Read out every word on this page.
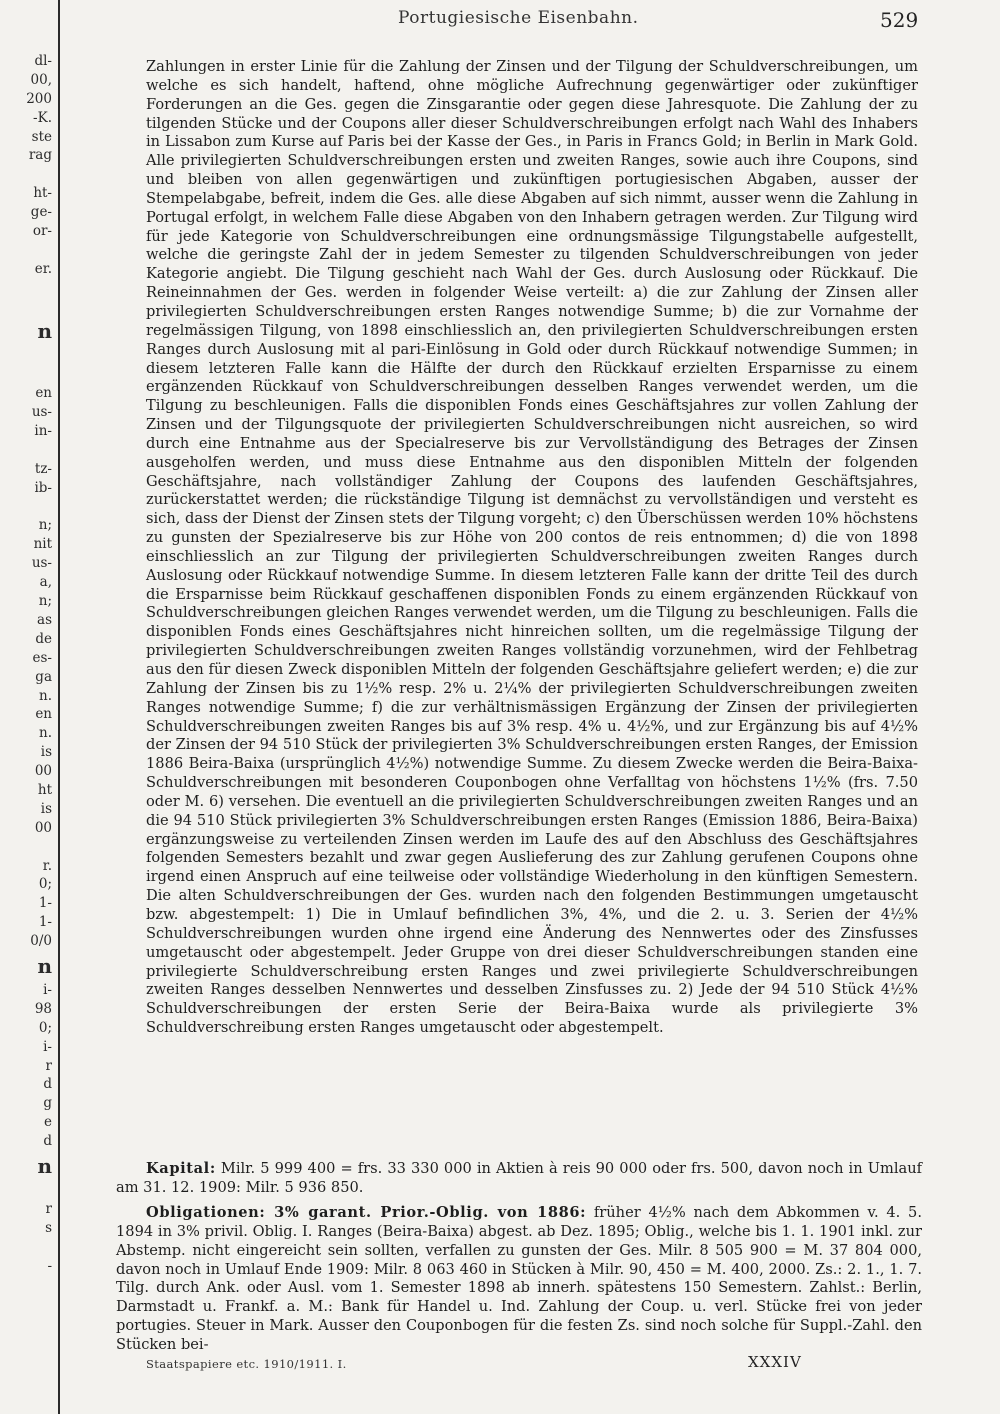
dl-
00,
200
-K.
ste
rag
ht-
ge-
or-
er.
n
en
us-
in-
tz-
ib-
n;
nit
us-
a,
n;
as
de
es-
ga
n.
en
n.
is
00
ht
is
00
r.
0;
1-
1-
0/0
n
i-
98
0;
i-
r
d
g
e
d
n
r
s
-
Portugiesische Eisenbahn.	529

Zahlungen in erster Linie für die Zahlung der Zinsen und der Tilgung der Schuldverschreibungen, um welche es sich handelt, haftend, ohne mögliche Aufrechnung gegenwärtiger oder zukünftiger Forderungen an die Ges. gegen die Zinsgarantie oder gegen diese Jahresquote. Die Zahlung der zu tilgenden Stücke und der Coupons aller dieser Schuldverschreibungen erfolgt nach Wahl des Inhabers in Lissabon zum Kurse auf Paris bei der Kasse der Ges., in Paris in Francs Gold; in Berlin in Mark Gold. Alle privilegierten Schuldverschreibungen ersten und zweiten Ranges, sowie auch ihre Coupons, sind und bleiben von allen gegenwärtigen und zukünftigen portugiesischen Abgaben, ausser der Stempelabgabe, befreit, indem die Ges. alle diese Abgaben auf sich nimmt, ausser wenn die Zahlung in Portugal erfolgt, in welchem Falle diese Abgaben von den Inhabern getragen werden. Zur Tilgung wird für jede Kategorie von Schuldverschreibungen eine ordnungsmässige Tilgungstabelle aufgestellt, welche die geringste Zahl der in jedem Semester zu tilgenden Schuldverschreibungen von jeder Kategorie angiebt. Die Tilgung geschieht nach Wahl der Ges. durch Auslosung oder Rückkauf. Die Reineinnahmen der Ges. werden in folgender Weise verteilt: a) die zur Zahlung der Zinsen aller privilegierten Schuldverschreibungen ersten Ranges notwendige Summe; b) die zur Vornahme der regelmässigen Tilgung, von 1898 einschliesslich an, den privilegierten Schuldverschreibungen ersten Ranges durch Auslosung mit al pari-Einlösung in Gold oder durch Rückkauf notwendige Summen; in diesem letzteren Falle kann die Hälfte der durch den Rückkauf erzielten Ersparnisse zu einem ergänzenden Rückkauf von Schuldverschreibungen desselben Ranges verwendet werden, um die Tilgung zu beschleunigen. Falls die disponiblen Fonds eines Geschäftsjahres zur vollen Zahlung der Zinsen und der Tilgungsquote der privilegierten Schuldverschreibungen nicht ausreichen, so wird durch eine Entnahme aus der Specialreserve bis zur Vervollständigung des Betrages der Zinsen ausgeholfen werden, und muss diese Entnahme aus den disponiblen Mitteln der folgenden Geschäftsjahre, nach vollständiger Zahlung der Coupons des laufenden Geschäftsjahres, zurückerstattet werden; die rückständige Tilgung ist demnächst zu vervollständigen und versteht es sich, dass der Dienst der Zinsen stets der Tilgung vorgeht; c) den Überschüssen werden 10% höchstens zu gunsten der Spezialreserve bis zur Höhe von 200 contos de reis entnommen; d) die von 1898 einschliesslich an zur Tilgung der privilegierten Schuldverschreibungen zweiten Ranges durch Auslosung oder Rückkauf notwendige Summe. In diesem letzteren Falle kann der dritte Teil des durch die Ersparnisse beim Rückkauf geschaffenen disponiblen Fonds zu einem ergänzenden Rückkauf von Schuldverschreibungen gleichen Ranges verwendet werden, um die Tilgung zu beschleunigen. Falls die disponiblen Fonds eines Geschäftsjahres nicht hinreichen sollten, um die regelmässige Tilgung der privilegierten Schuldverschreibungen zweiten Ranges vollständig vorzunehmen, wird der Fehlbetrag aus den für diesen Zweck disponiblen Mitteln der folgenden Geschäftsjahre geliefert werden; e) die zur Zahlung der Zinsen bis zu 1½% resp. 2% u. 2¼% der privilegierten Schuldverschreibungen zweiten Ranges notwendige Summe; f) die zur verhältnismässigen Ergänzung der Zinsen der privilegierten Schuldverschreibungen zweiten Ranges bis auf 3% resp. 4% u. 4½%, und zur Ergänzung bis auf 4½% der Zinsen der 94 510 Stück der privilegierten 3% Schuldverschreibungen ersten Ranges, der Emission 1886 Beira-Baixa (ursprünglich 4½%) notwendige Summe. Zu diesem Zwecke werden die Beira-Baixa-Schuldverschreibungen mit besonderen Couponbogen ohne Verfalltag von höchstens 1½% (frs. 7.50 oder M. 6) versehen. Die eventuell an die privilegierten Schuldverschreibungen zweiten Ranges und an die 94 510 Stück privilegierten 3% Schuldverschreibungen ersten Ranges (Emission 1886, Beira-Baixa) ergänzungsweise zu verteilenden Zinsen werden im Laufe des auf den Abschluss des Geschäftsjahres folgenden Semesters bezahlt und zwar gegen Auslieferung des zur Zahlung gerufenen Coupons ohne irgend einen Anspruch auf eine teilweise oder vollständige Wiederholung in den künftigen Semestern. Die alten Schuldverschreibungen der Ges. wurden nach den folgenden Bestimmungen umgetauscht bzw. abgestempelt: 1) Die in Umlauf befindlichen 3%, 4%, und die 2. u. 3. Serien der 4½% Schuldverschreibungen wurden ohne irgend eine Änderung des Nennwertes oder des Zinsfusses umgetauscht oder abgestempelt. Jeder Gruppe von drei dieser Schuldverschreibungen standen eine privilegierte Schuldverschreibung ersten Ranges und zwei privilegierte Schuldverschreibungen zweiten Ranges desselben Nennwertes und desselben Zinsfusses zu. 2) Jede der 94 510 Stück 4½% Schuldverschreibungen der ersten Serie der Beira-Baixa wurde als privilegierte 3% Schuldverschreibung ersten Ranges umgetauscht oder abgestempelt.

Kapital: Milr. 5 999 400 = frs. 33 330 000 in Aktien à reis 90 000 oder frs. 500, davon noch in Umlauf am 31. 12. 1909: Milr. 5 936 850.

Obligationen: 3% garant. Prior.-Oblig. von 1886: früher 4½% nach dem Abkommen v. 4. 5. 1894 in 3% privil. Oblig. I. Ranges (Beira-Baixa) abgest. ab Dez. 1895; Oblig., welche bis 1. 1. 1901 inkl. zur Abstemp. nicht eingereicht sein sollten, verfallen zu gunsten der Ges. Milr. 8 505 900 = M. 37 804 000, davon noch in Umlauf Ende 1909: Milr. 8 063 460 in Stücken à Milr. 90, 450 = M. 400, 2000. Zs.: 2. 1., 1. 7. Tilg. durch Ank. oder Ausl. vom 1. Semester 1898 ab innerh. spätestens 150 Semestern. Zahlst.: Berlin, Darmstadt u. Frankf. a. M.: Bank für Handel u. Ind. Zahlung der Coup. u. verl. Stücke frei von jeder portugies. Steuer in Mark. Ausser den Couponbogen für die festen Zs. sind noch solche für Suppl.-Zahl. den Stücken bei-

Staatspapiere etc. 1910/1911. I.	XXXIV
